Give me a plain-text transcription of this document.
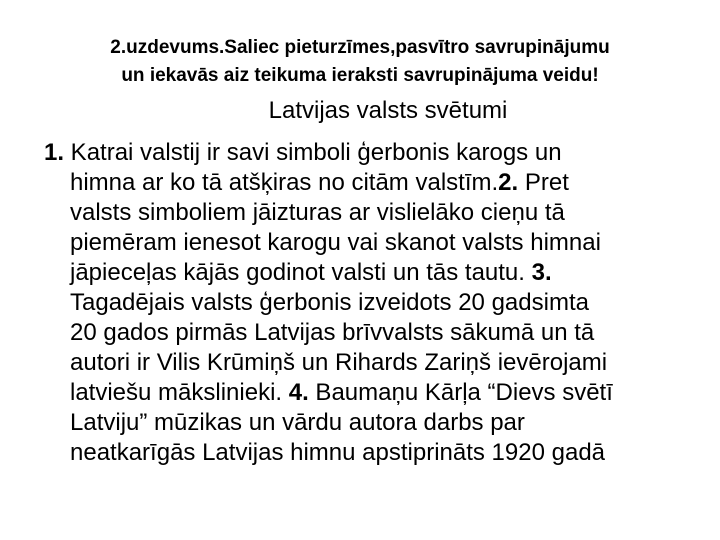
2.uzdevums.Saliec pieturzīmes,pasvītro savrupinājumu
un iekavās aiz teikuma ieraksti savrupinājuma veidu!
Latvijas valsts svētumi
1. Katrai valstij ir savi simboli ģerbonis karogs un
himna ar ko tā atšķiras no citām valstīm.2. Pret
valsts simboliem jāizturas ar vislielāko cieņu tā
piemēram ienesot karogu vai skanot valsts himnai
jāpieceļas kājās godinot valsti un tās tautu. 3.
Tagadējais valsts ģerbonis izveidots 20 gadsimta
20 gados pirmās Latvijas brīvvalsts sākumā un tā
autori ir Vilis Krūmiņš un Rihards Zariņš ievērojami
latviešu mākslinieki. 4. Baumaņu Kārļa “Dievs svētī
Latviju” mūzikas un vārdu autora darbs par
neatkarīgās Latvijas himnu apstiprināts 1920 gadā
